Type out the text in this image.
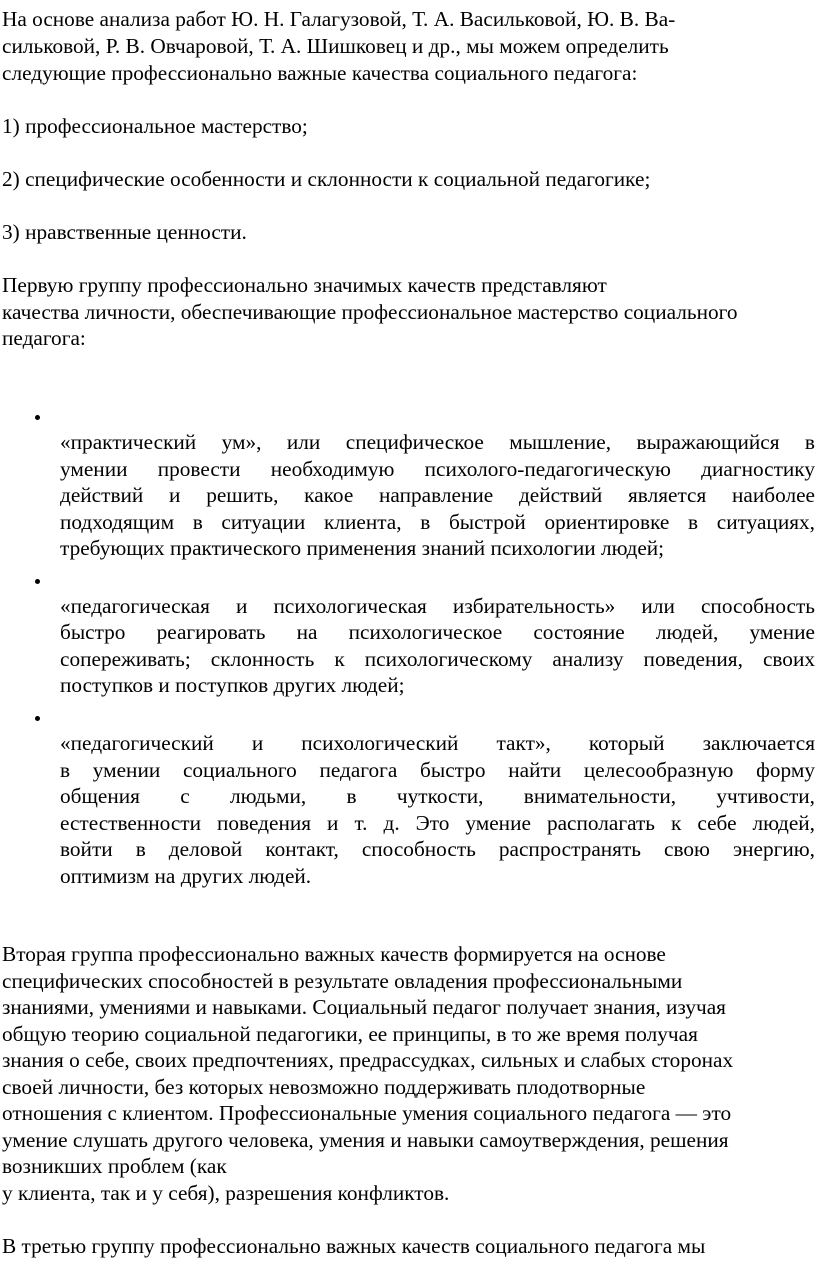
На основе анализа работ Ю. Н. Галагузовой, Т. А. Васильковой, Ю. В. Ва-
сильковой, Р. В. Овчаровой, Т. А. Шишковец и др., мы можем определить
следующие профессионально важные качества социального педагога:
1) профессиональное мастерство;
2) специфические особенности и склонности к социальной педагогике;
3) нравственные ценности.
Первую группу профессионально значимых качеств представляют
качества личности, обеспечивающие профессиональное мастерство социального
педагога:
«практический ум», или специфическое мышление, выражающийся в
умении провести необходимую психолого-педагогическую диагностику
действий и решить, какое направление действий является наиболее
подходящим в ситуации клиента, в быстрой ориентировке в ситуациях,
требующих практического применения знаний психологии людей;
«педагогическая и психологическая избирательность» или способность
быстро реагировать на психологическое состояние людей, умение
сопереживать; склонность к психологическому анализу поведения, своих
поступков и поступков других людей;
«педагогический и психологический такт», который заключается
в умении социального педагога быстро найти целесообразную форму
общения с людьми, в чуткости, внимательности, учтивости,
естественности поведения и т. д. Это умение располагать к себе людей,
войти в деловой контакт, способность распространять свою энергию,
оптимизм на других людей.
Вторая группа профессионально важных качеств формируется на основе
специфических способностей в результате овладения профессиональными
знаниями, умениями и навыками. Социальный педагог получает знания, изучая
общую теорию социальной педагогики, ее принципы, в то же время получая
знания о себе, своих предпочтениях, предрассудках, сильных и слабых сторонах
своей личности, без которых невозможно поддерживать плодотворные
отношения с клиентом. Профессиональные умения социального педагога — это
умение слушать другого человека, умения и навыки самоутверждения, решения
возникших проблем (как
у клиента, так и у себя), разрешения конфликтов.
В третью группу профессионально важных качеств социального педагога мы
